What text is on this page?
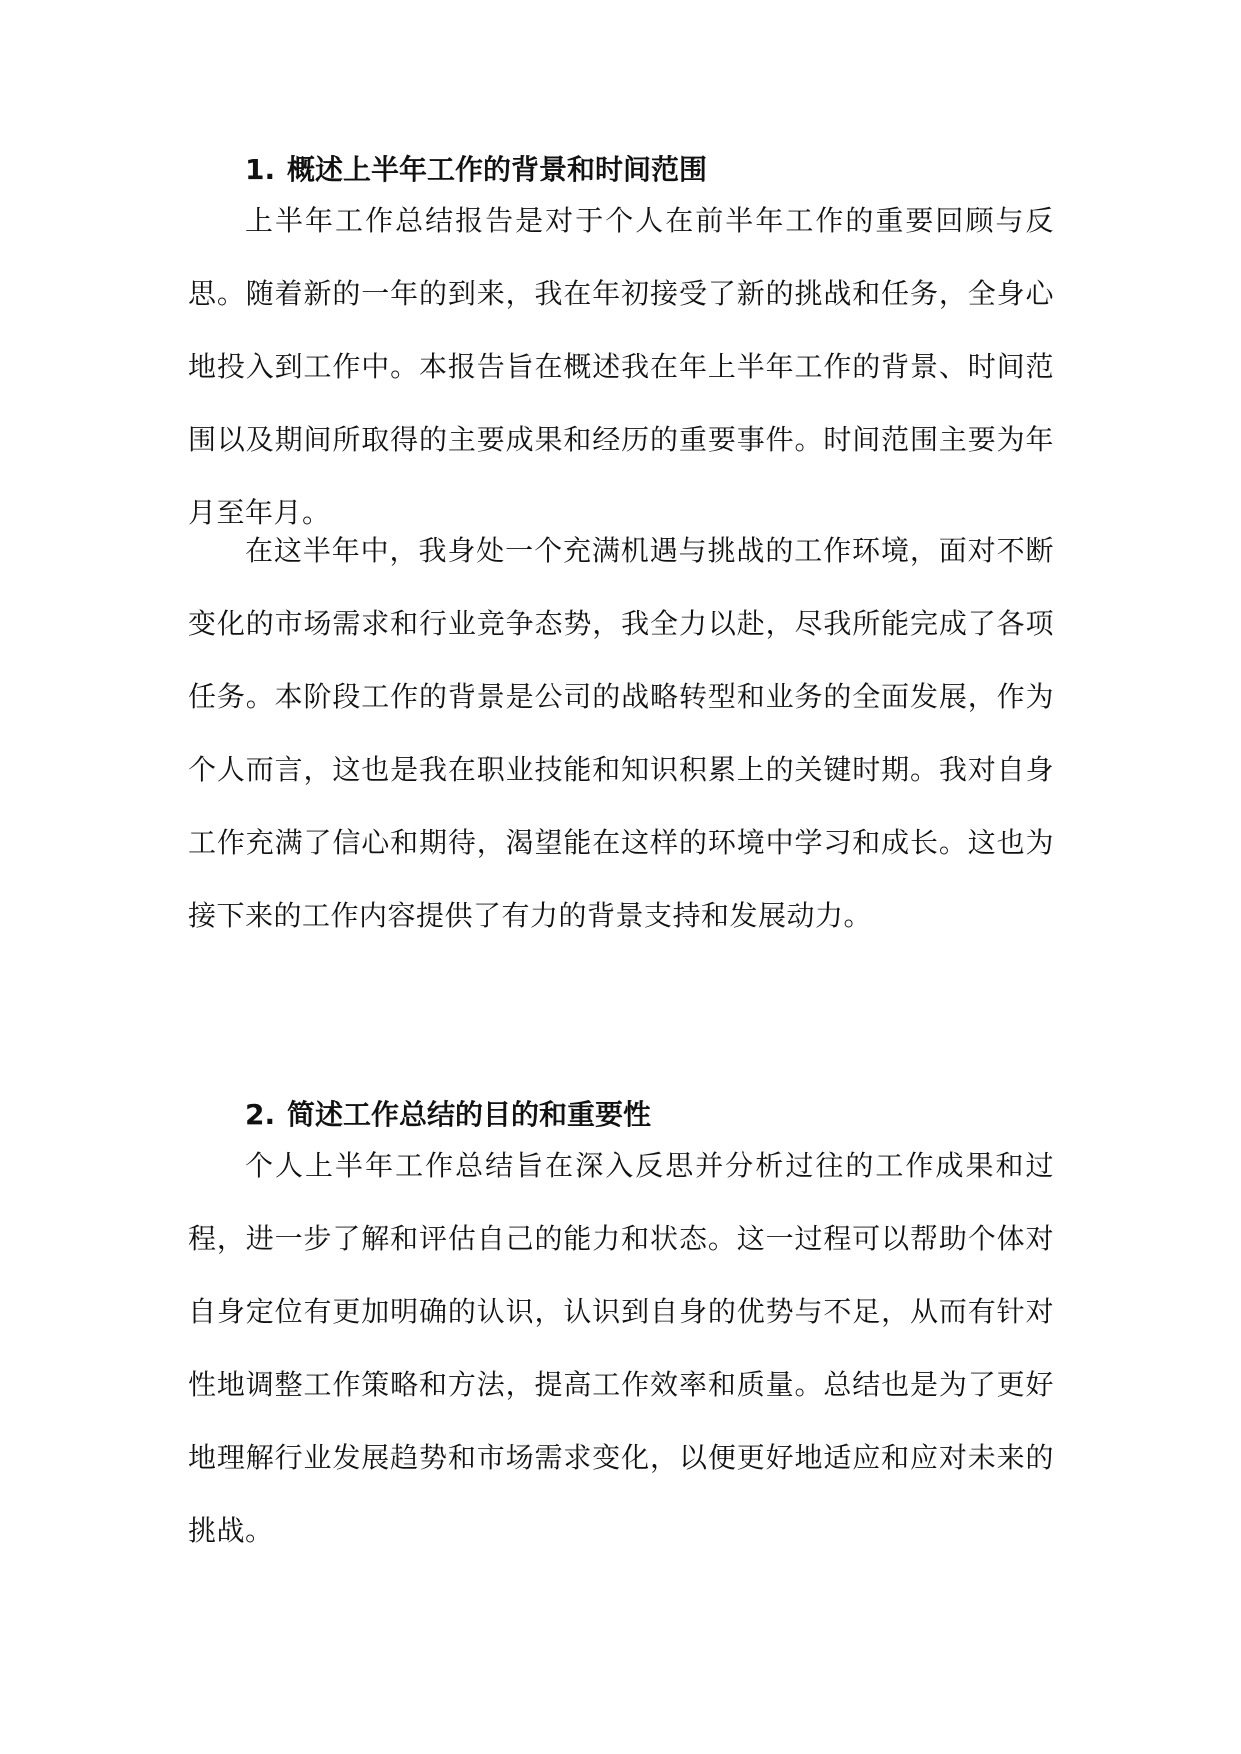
1. 概述上半年工作的背景和时间范围

上半年工作总结报告是对于个人在前半年工作的重要回顾与反思。随着新的一年的到来，我在年初接受了新的挑战和任务，全身心地投入到工作中。本报告旨在概述我在年上半年工作的背景、时间范围以及期间所取得的主要成果和经历的重要事件。时间范围主要为年月至年月。

在这半年中，我身处一个充满机遇与挑战的工作环境，面对不断变化的市场需求和行业竞争态势，我全力以赴，尽我所能完成了各项任务。本阶段工作的背景是公司的战略转型和业务的全面发展，作为个人而言，这也是我在职业技能和知识积累上的关键时期。我对自身工作充满了信心和期待，渴望能在这样的环境中学习和成长。这也为接下来的工作内容提供了有力的背景支持和发展动力。

2. 简述工作总结的目的和重要性

个人上半年工作总结旨在深入反思并分析过往的工作成果和过程，进一步了解和评估自己的能力和状态。这一过程可以帮助个体对自身定位有更加明确的认识，认识到自身的优势与不足，从而有针对性地调整工作策略和方法，提高工作效率和质量。总结也是为了更好地理解行业发展趋势和市场需求变化，以便更好地适应和应对未来的挑战。
